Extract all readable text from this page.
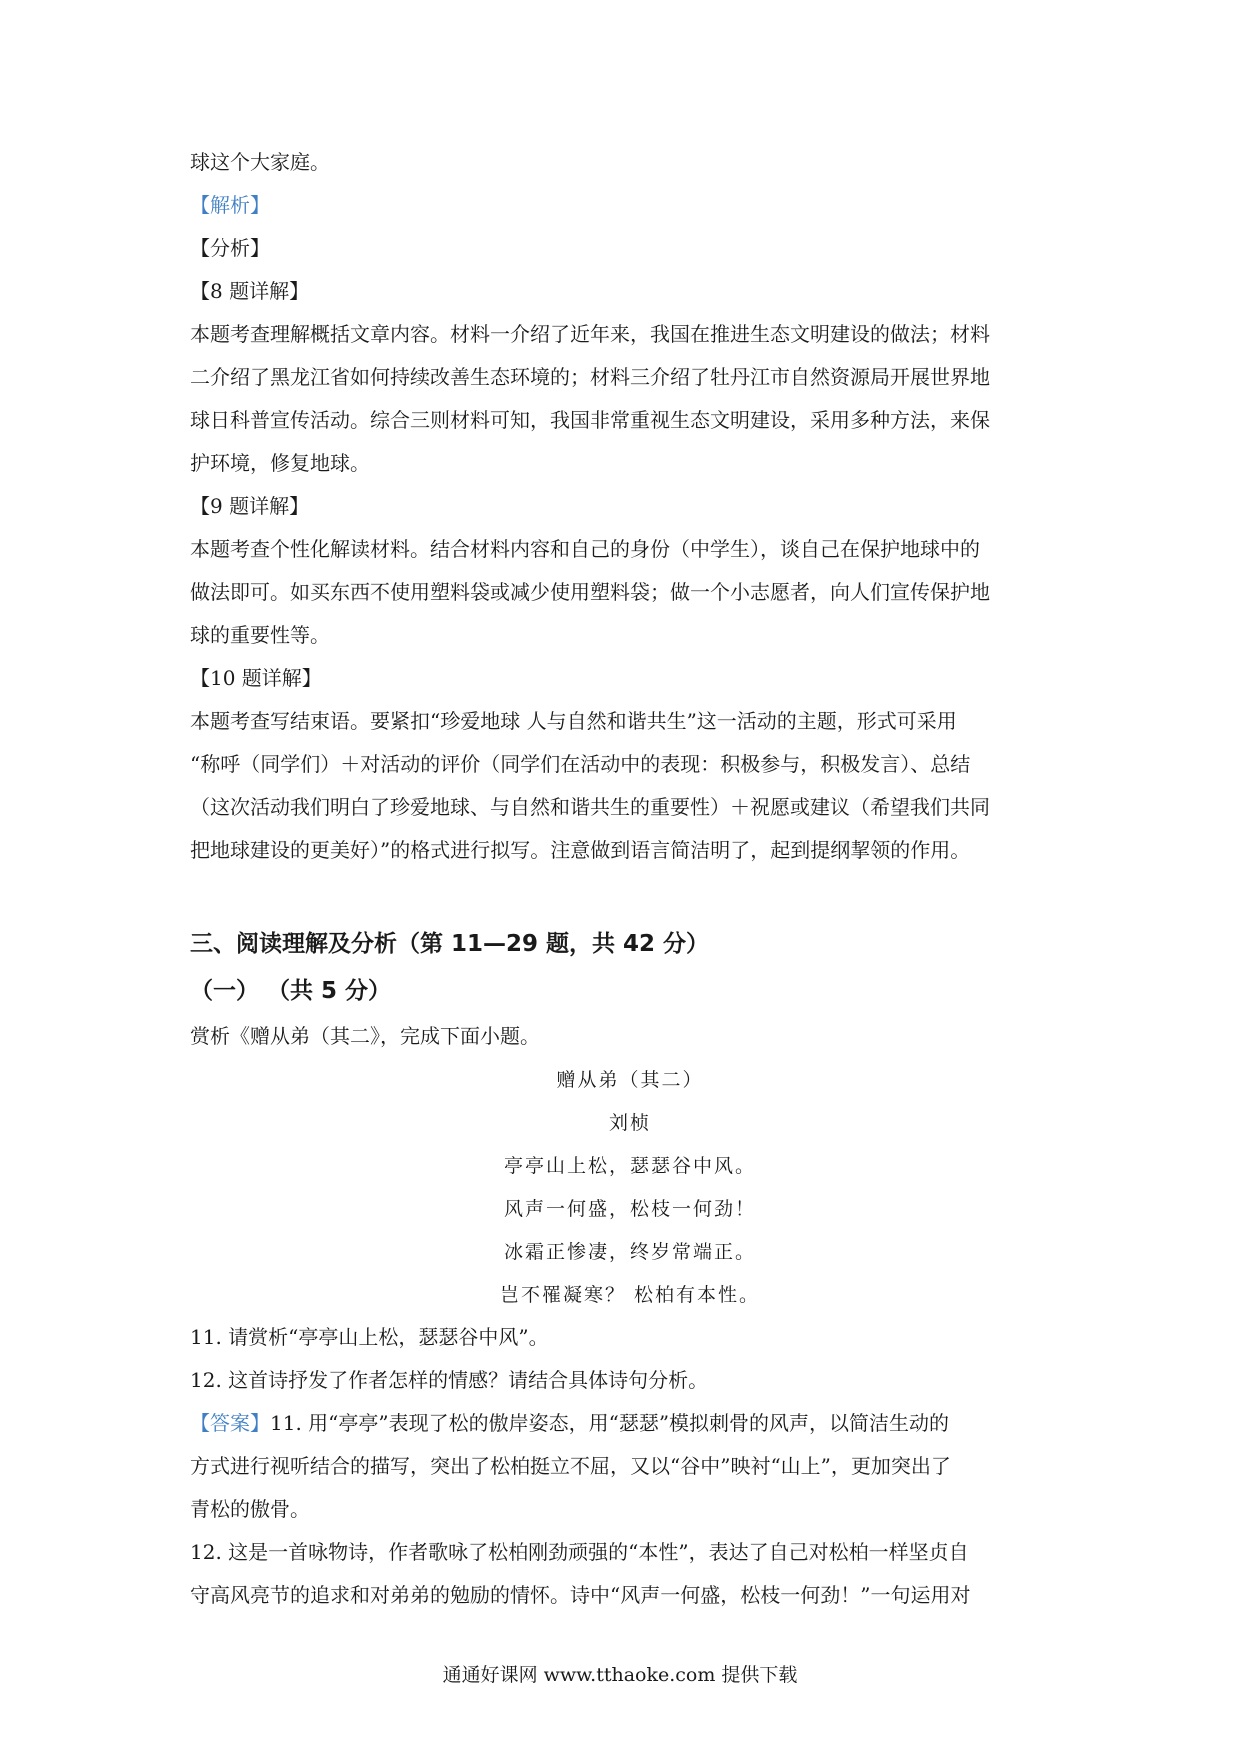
球这个大家庭。
【解析】
【分析】
【8 题详解】
本题考查理解概括文章内容。材料一介绍了近年来，我国在推进生态文明建设的做法；材料
二介绍了黑龙江省如何持续改善生态环境的；材料三介绍了牡丹江市自然资源局开展世界地
球日科普宣传活动。综合三则材料可知，我国非常重视生态文明建设，采用多种方法，来保
护环境，修复地球。
【9 题详解】
本题考查个性化解读材料。结合材料内容和自己的身份（中学生），谈自己在保护地球中的
做法即可。如买东西不使用塑料袋或减少使用塑料袋；做一个小志愿者，向人们宣传保护地
球的重要性等。
【10 题详解】
本题考查写结束语。要紧扣“珍爱地球 人与自然和谐共生”这一活动的主题，形式可采用
“称呼（同学们）＋对活动的评价（同学们在活动中的表现：积极参与，积极发言）、总结
（这次活动我们明白了珍爱地球、与自然和谐共生的重要性）＋祝愿或建议（希望我们共同
把地球建设的更美好）”的格式进行拟写。注意做到语言简洁明了，起到提纲挈领的作用。
三、阅读理解及分析（第 11—29 题，共 42 分）
（一） （共 5 分）
赏析《赠从弟（其二》，完成下面小题。
赠从弟（其二）
刘桢
亭亭山上松，瑟瑟谷中风。
风声一何盛，松枝一何劲！
冰霜正惨凄，终岁常端正。
岂不罹凝寒？ 松柏有本性。
11. 请赏析“亭亭山上松，瑟瑟谷中风”。
12. 这首诗抒发了作者怎样的情感？请结合具体诗句分析。
【答案】11. 用“亭亭”表现了松的傲岸姿态，用“瑟瑟”模拟刺骨的风声，以简洁生动的
方式进行视听结合的描写，突出了松柏挺立不屈，又以“谷中”映衬“山上”，更加突出了
青松的傲骨。
12. 这是一首咏物诗，作者歌咏了松柏刚劲顽强的“本性”，表达了自己对松柏一样坚贞自
守高风亮节的追求和对弟弟的勉励的情怀。诗中“风声一何盛，松枝一何劲！”一句运用对
通通好课网 www.tthaoke.com 提供下载
